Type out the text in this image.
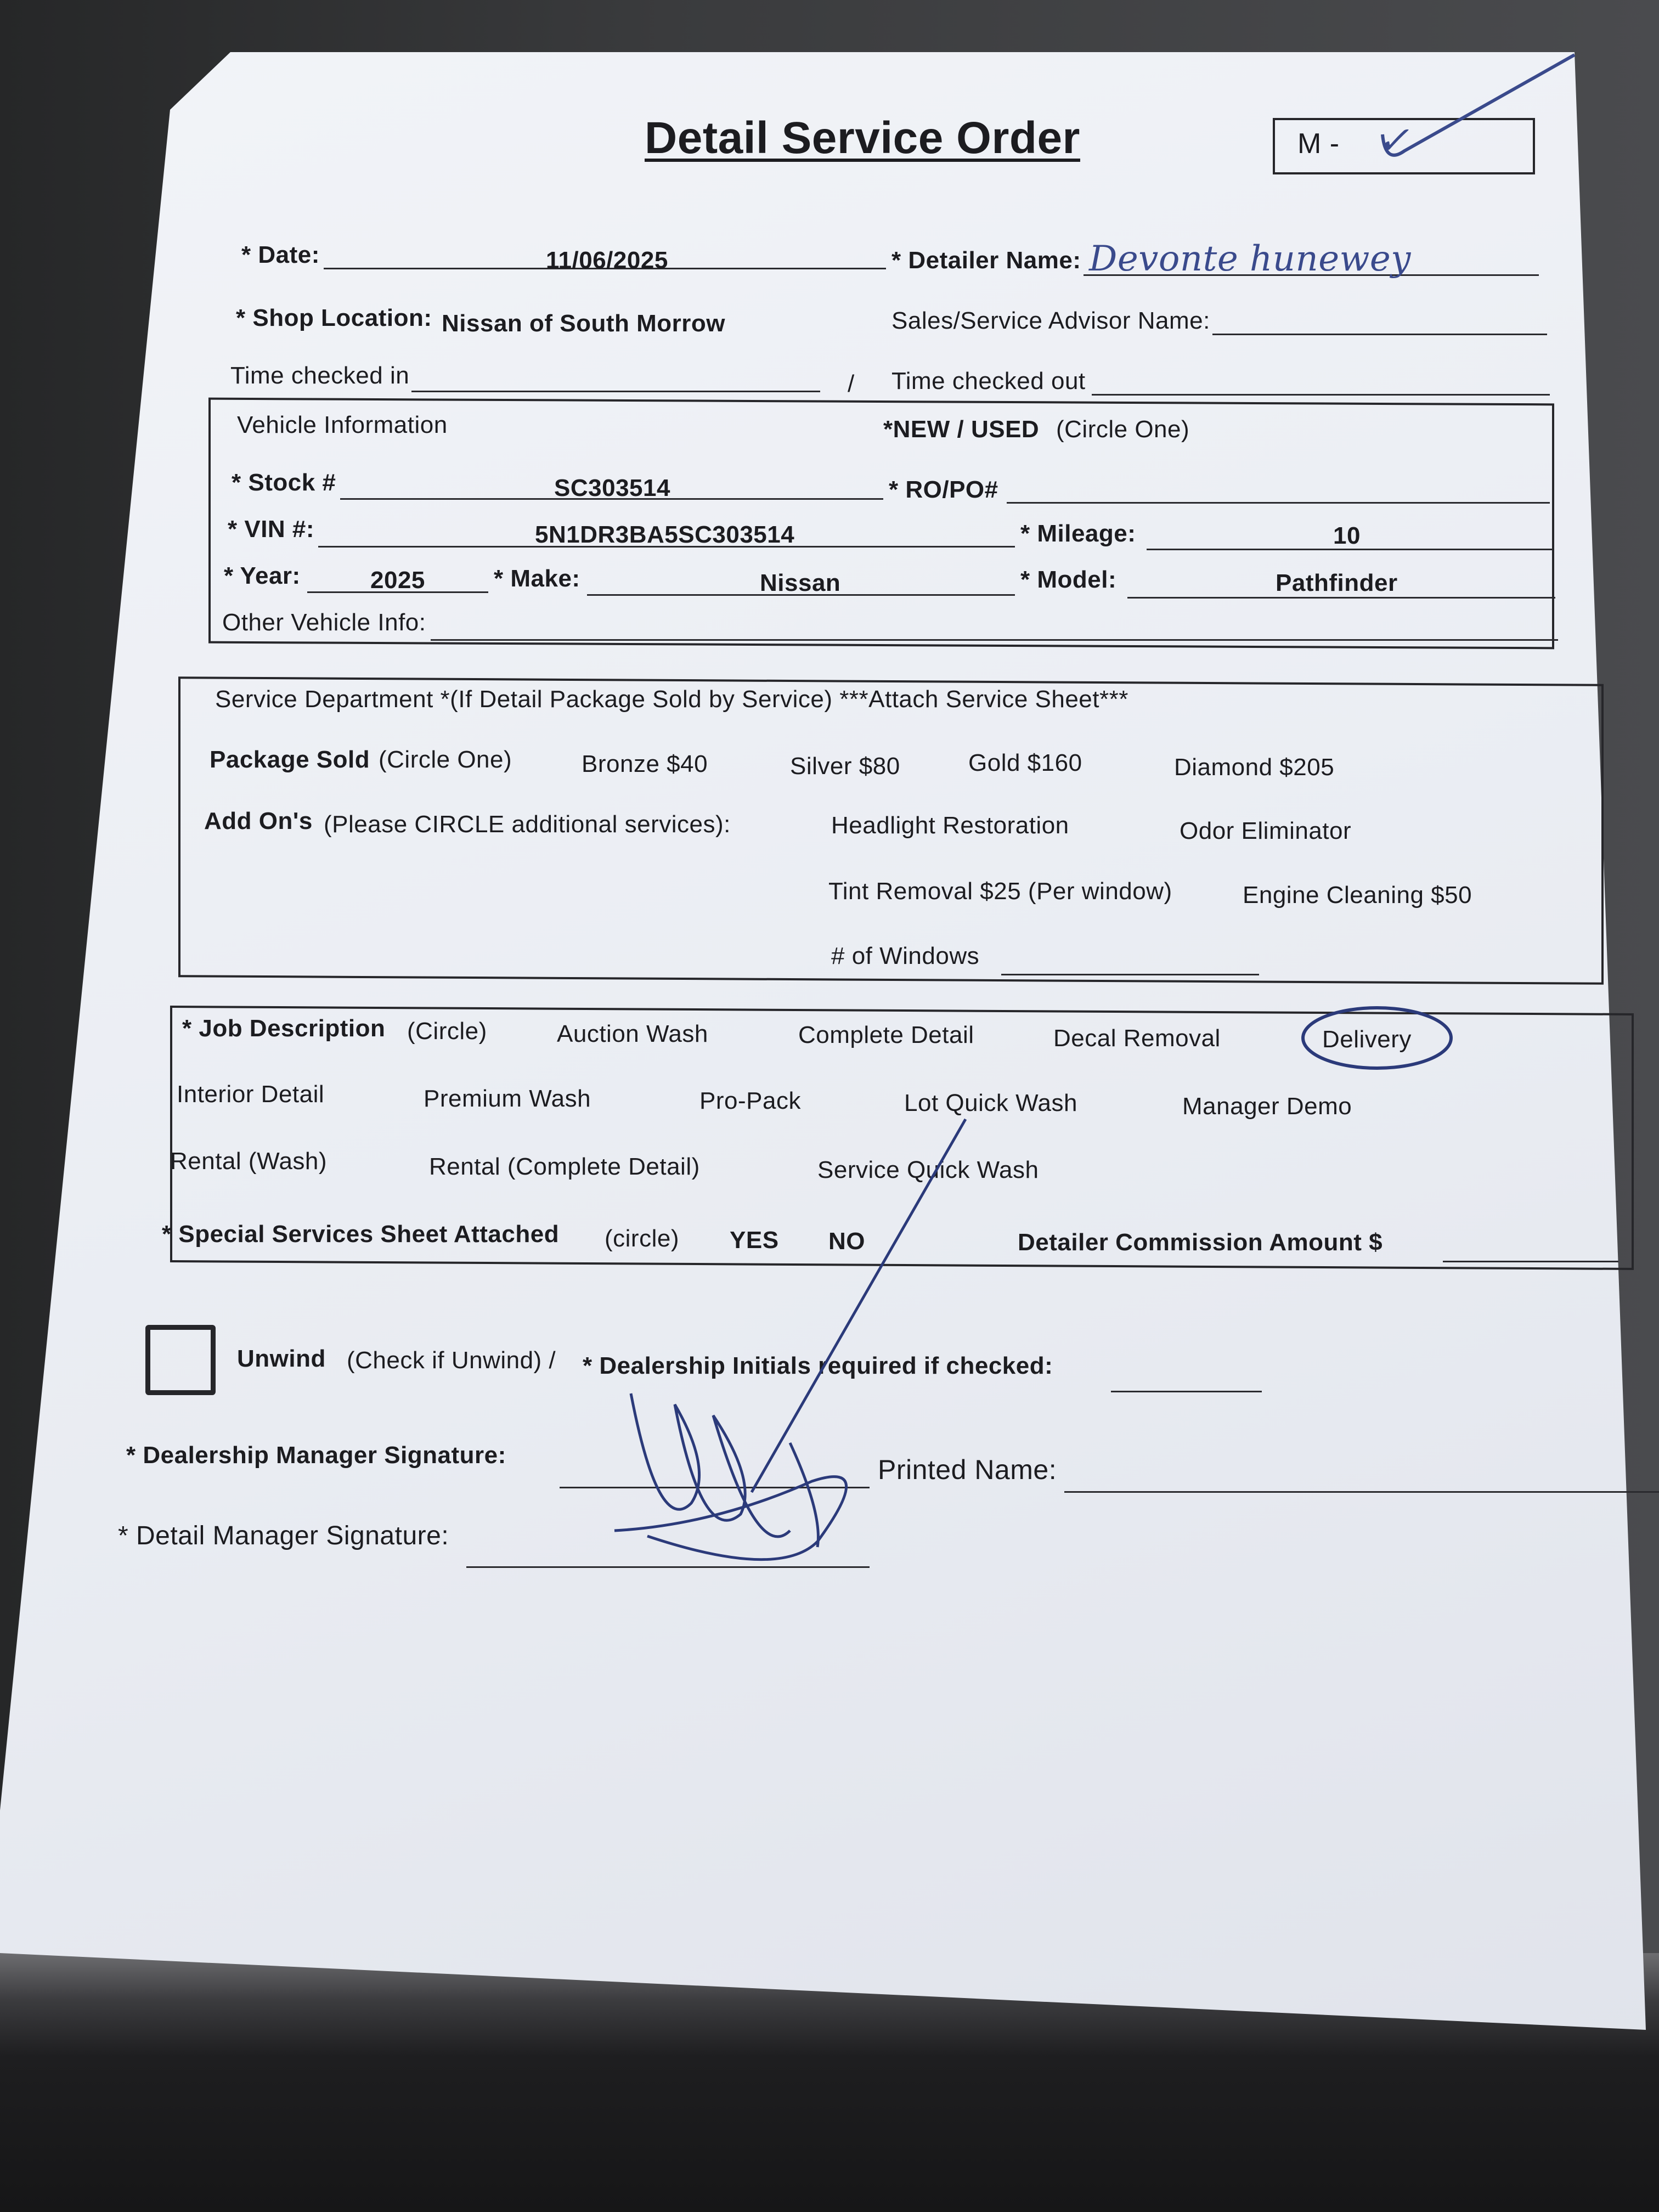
Detail Service Order	M - ✓
* Date:	11/06/2025	* Detailer Name: Devonte hunewey
* Shop Location: Nissan of South Morrow	Sales/Service Advisor Name:
Time checked in	/ Time checked out
Vehicle Information	*NEW / USED (Circle One)
* Stock #	SC303514	* RO/PO#
* VIN #:	5N1DR3BA5SC303514	* Mileage:	10
* Year:	2025	* Make:	Nissan	* Model:	Pathfinder
Other Vehicle Info:
Service Department *(If Detail Package Sold by Service) ***Attach Service Sheet***
Package Sold (Circle One)	Bronze $40	Silver $80	Gold $160	Diamond $205
Add On's (Please CIRCLE additional services):	Headlight Restoration	Odor Eliminator
Tint Removal $25 (Per window)	Engine Cleaning $50
# of Windows
* Job Description (Circle)	Auction Wash	Complete Detail	Decal Removal	Delivery
Interior Detail	Premium Wash	Pro-Pack	Lot Quick Wash	Manager Demo
Rental (Wash)	Rental (Complete Detail)	Service Quick Wash
* Special Services Sheet Attached (circle) YES NO	Detailer Commission Amount $
Unwind (Check if Unwind) / * Dealership Initials required if checked:
* Dealership Manager Signature:	Printed Name:
* Detail Manager Signature:
